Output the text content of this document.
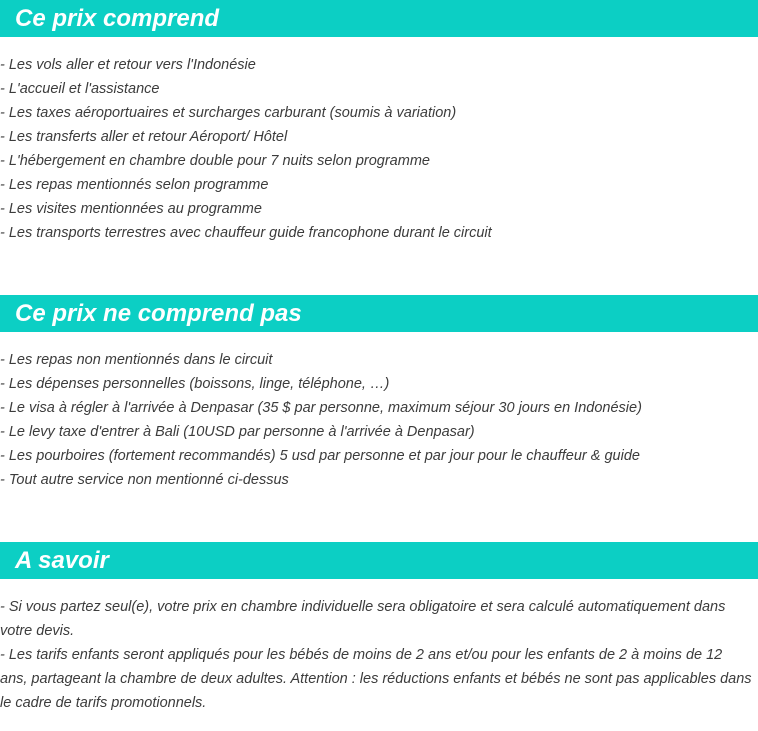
Ce prix comprend
- Les vols aller et retour vers l'Indonésie
- L'accueil et l'assistance
- Les taxes aéroportuaires et surcharges carburant (soumis à variation)
- Les transferts aller et retour Aéroport/ Hôtel
- L'hébergement en chambre double pour 7 nuits selon programme
- Les repas mentionnés selon programme
- Les visites mentionnées au programme
- Les transports terrestres avec chauffeur guide francophone durant le circuit
Ce prix ne comprend pas
- Les repas non mentionnés dans le circuit
- Les dépenses personnelles (boissons, linge, téléphone, …)
- Le visa à régler à l'arrivée à Denpasar (35 $ par personne, maximum séjour 30 jours en Indonésie)
- Le levy taxe d'entrer à Bali (10USD par personne à l'arrivée à Denpasar)
- Les pourboires (fortement recommandés) 5 usd par personne et par jour pour le chauffeur & guide
- Tout autre service non mentionné ci-dessus
A savoir

- Si vous partez seul(e), votre prix en chambre individuelle sera obligatoire et sera calculé automatiquement dans votre devis.

- Les tarifs enfants seront appliqués pour les bébés de moins de 2 ans et/ou pour les enfants de 2 à moins de 12 ans, partageant la chambre de deux adultes. Attention : les réductions enfants et bébés ne sont pas applicables dans le cadre de tarifs promotionnels.
